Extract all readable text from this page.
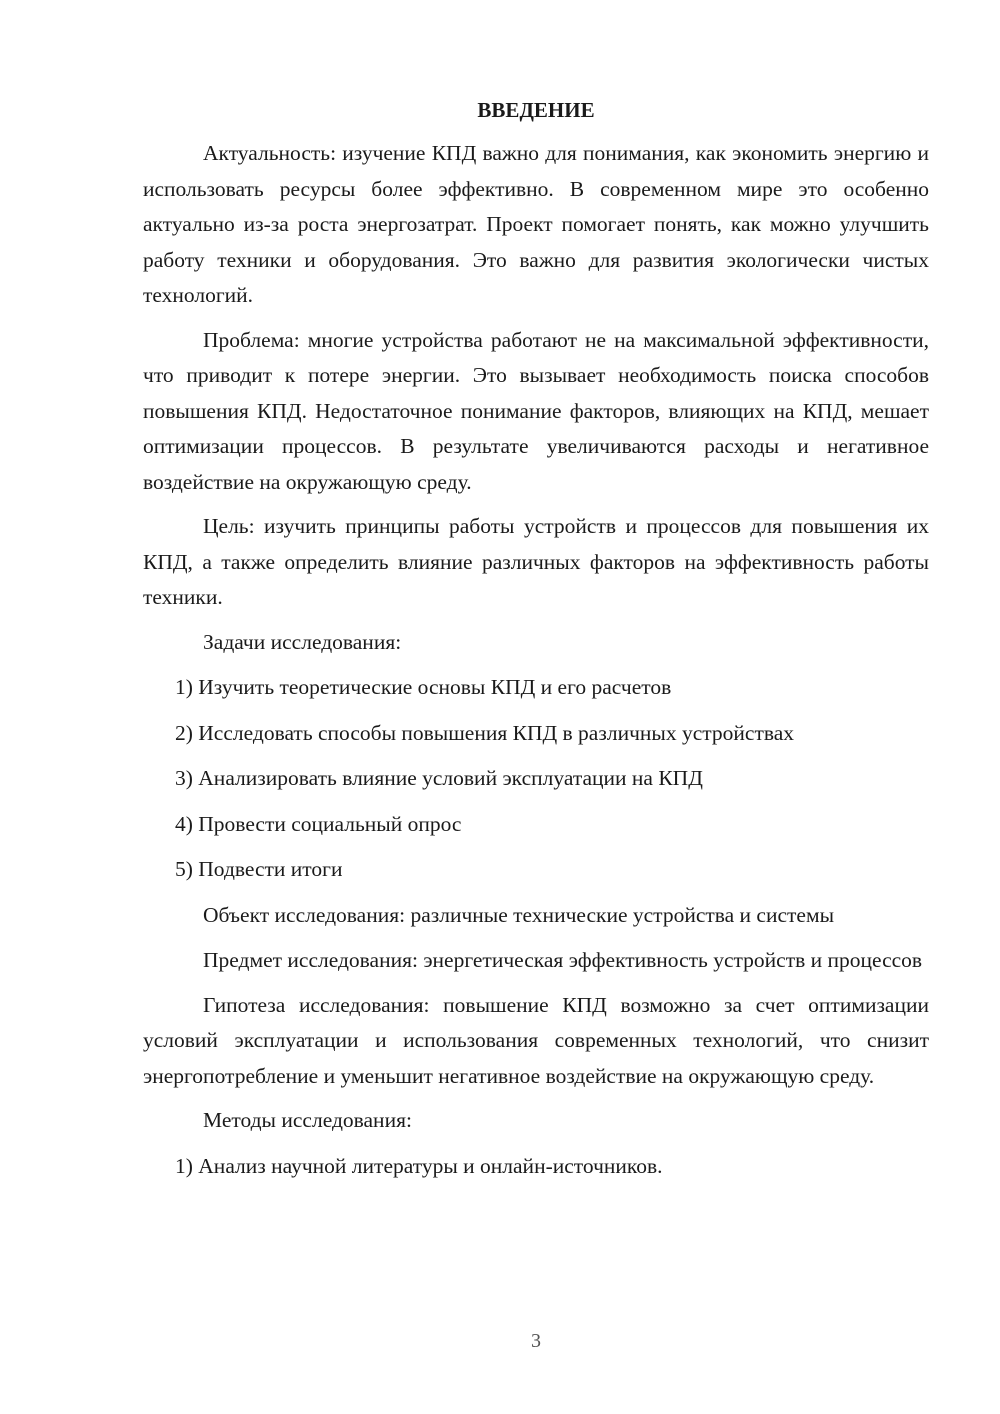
ВВЕДЕНИЕ

Актуальность: изучение КПД важно для понимания, как экономить энергию и использовать ресурсы более эффективно. В современном мире это особенно актуально из-за роста энергозатрат. Проект помогает понять, как можно улучшить работу техники и оборудования. Это важно для развития экологически чистых технологий.

Проблема: многие устройства работают не на максимальной эффективности, что приводит к потере энергии. Это вызывает необходимость поиска способов повышения КПД. Недостаточное понимание факторов, влияющих на КПД, мешает оптимизации процессов. В результате увеличиваются расходы и негативное воздействие на окружающую среду.

Цель: изучить принципы работы устройств и процессов для повышения их КПД, а также определить влияние различных факторов на эффективность работы техники.

Задачи исследования:
1) Изучить теоретические основы КПД и его расчетов
2) Исследовать способы повышения КПД в различных устройствах
3) Анализировать влияние условий эксплуатации на КПД
4) Провести социальный опрос
5) Подвести итоги
Объект исследования: различные технические устройства и системы

Предмет исследования: энергетическая эффективность устройств и процессов

Гипотеза исследования: повышение КПД возможно за счет оптимизации условий эксплуатации и использования современных технологий, что снизит энергопотребление и уменьшит негативное воздействие на окружающую среду.

Методы исследования:
1) Анализ научной литературы и онлайн-источников.
3
